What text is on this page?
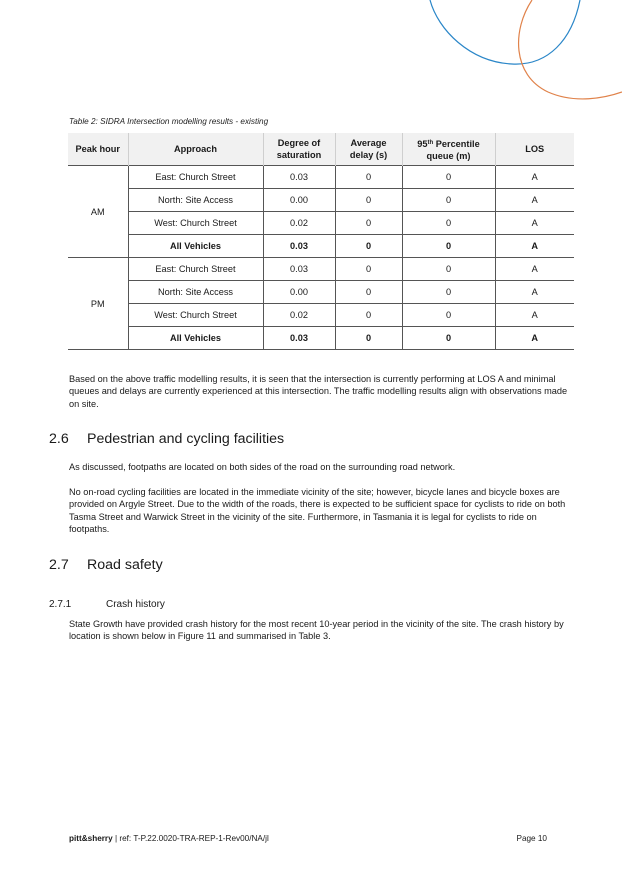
Table 2: SIDRA Intersection modelling results - existing
Peak hour	Approach	Degree of saturation	Average delay (s)	95th Percentile queue (m)	LOS
AM	East: Church Street	0.03	0	0	A
	North: Site Access	0.00	0	0	A
	West: Church Street	0.02	0	0	A
	All Vehicles	0.03	0	0	A
PM	East: Church Street	0.03	0	0	A
	North: Site Access	0.00	0	0	A
	West: Church Street	0.02	0	0	A
	All Vehicles	0.03	0	0	A

Based on the above traffic modelling results, it is seen that the intersection is currently performing at LOS A and minimal queues and delays are currently experienced at this intersection. The traffic modelling results align with observations made on site.

2.6 Pedestrian and cycling facilities

As discussed, footpaths are located on both sides of the road on the surrounding road network.

No on-road cycling facilities are located in the immediate vicinity of the site; however, bicycle lanes and bicycle boxes are provided on Argyle Street. Due to the width of the roads, there is expected to be sufficient space for cyclists to ride on both Tasma Street and Warwick Street in the vicinity of the site. Furthermore, in Tasmania it is legal for cyclists to ride on footpaths.

2.7 Road safety
2.7.1	Crash history

State Growth have provided crash history for the most recent 10-year period in the vicinity of the site. The crash history by location is shown below in Figure 11 and summarised in Table 3.

pitt&sherry | ref: T-P.22.0020-TRA-REP-1-Rev00/NA/jl	Page 10
